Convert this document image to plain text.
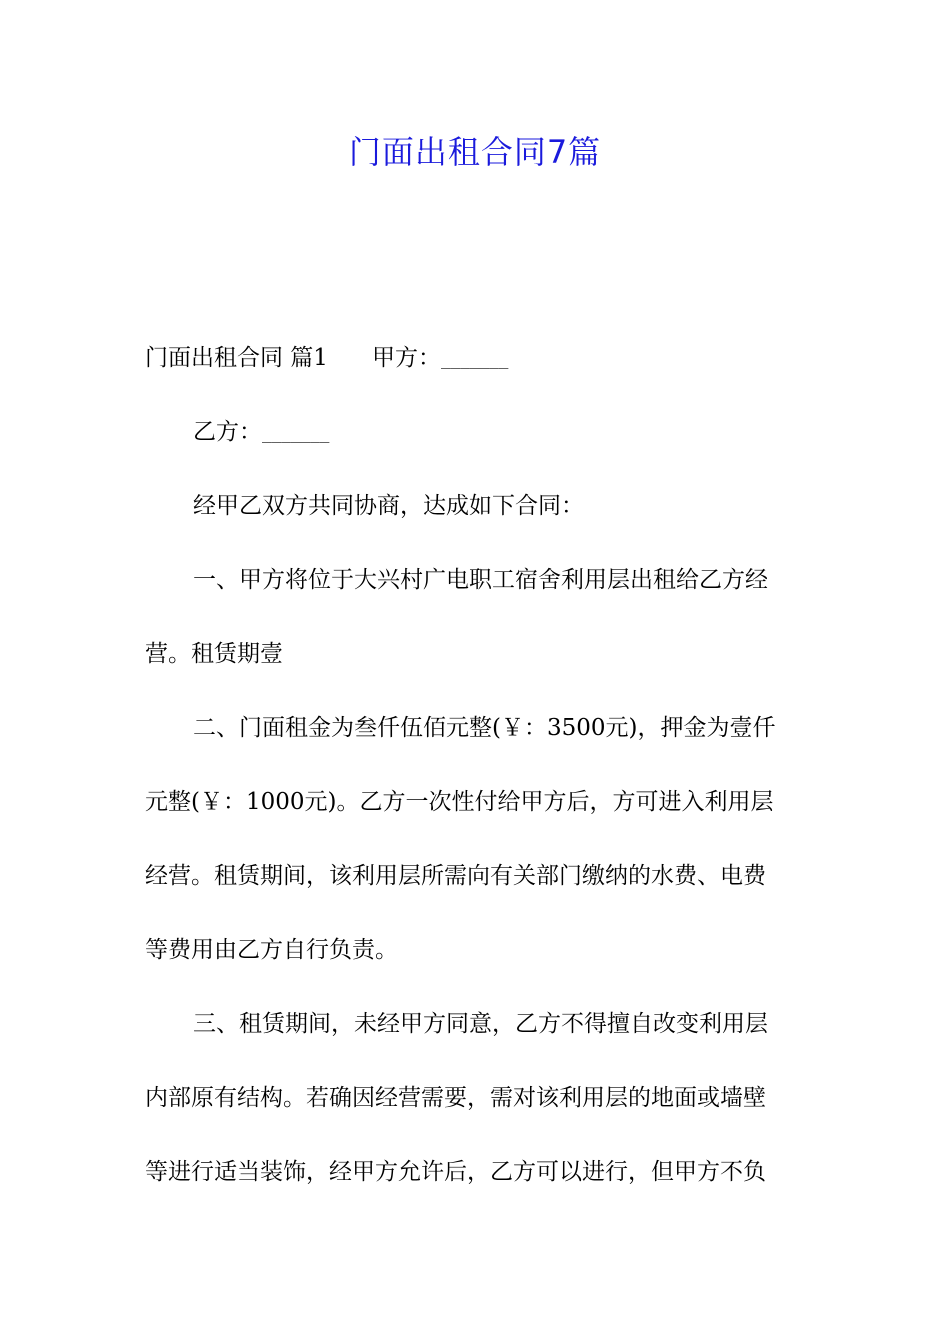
门面出租合同7篇
门面出租合同 篇1 甲方：_______
乙方：_______
经甲乙双方共同协商，达成如下合同：
一、甲方将位于大兴村广电职工宿舍利用层出租给乙方经
营。租赁期壹
二、门面租金为叁仟伍佰元整(￥：3500元)，押金为壹仟
元整(￥：1000元)。乙方一次性付给甲方后，方可进入利用层
经营。租赁期间，该利用层所需向有关部门缴纳的水费、电费
等费用由乙方自行负责。
三、租赁期间，未经甲方同意，乙方不得擅自改变利用层
内部原有结构。若确因经营需要，需对该利用层的地面或墙壁
等进行适当装饰，经甲方允许后，乙方可以进行，但甲方不负
